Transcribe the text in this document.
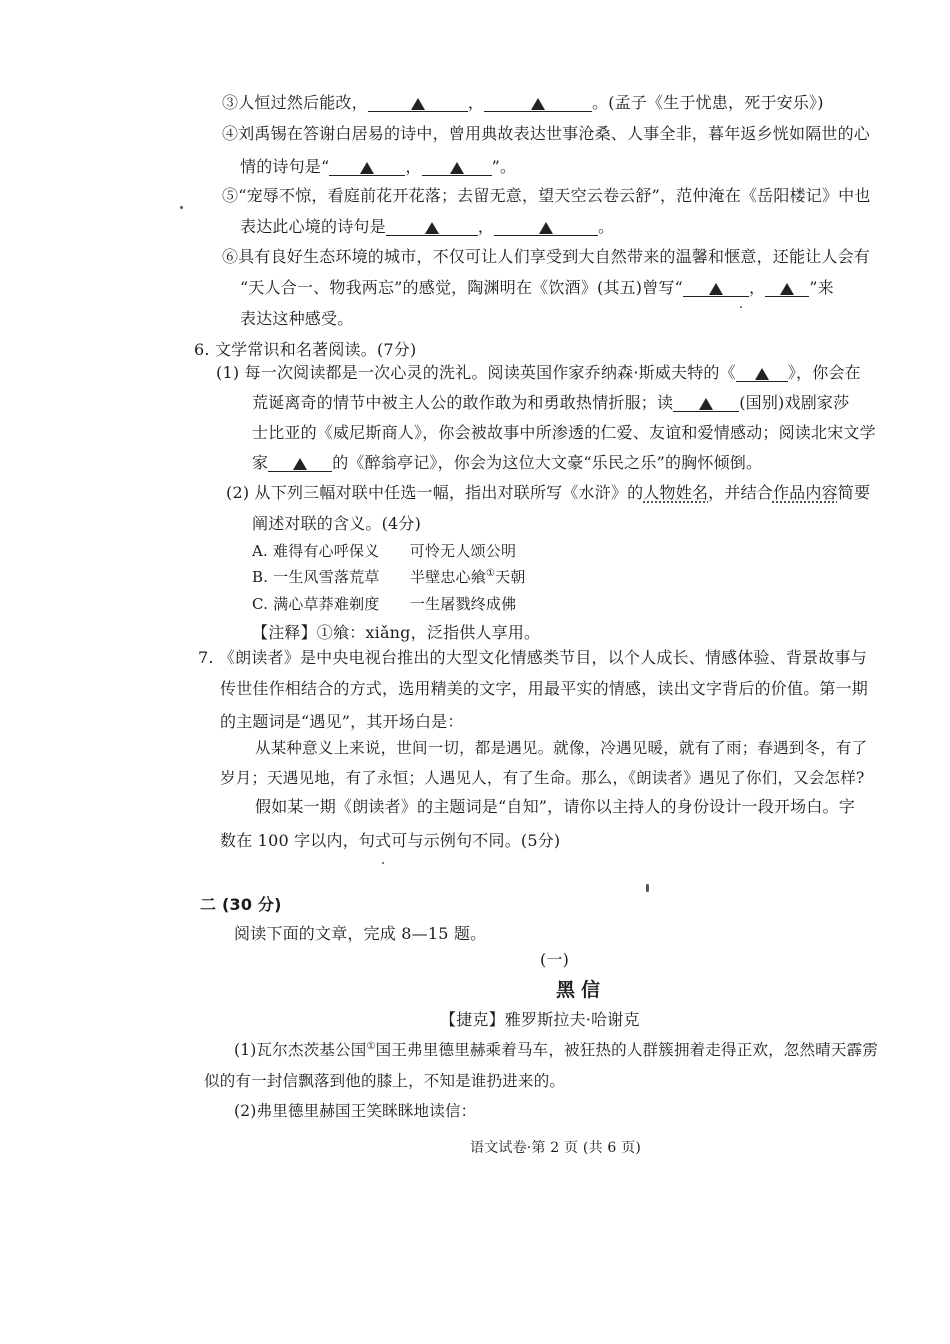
③人恒过然后能改，	，	。(孟子《生于忧患，死于安乐》)
④刘禹锡在答谢白居易的诗中，曾用典故表达世事沧桑、人事全非，暮年返乡恍如隔世的心
情的诗句是“	，	”。
⑤“宠辱不惊，看庭前花开花落；去留无意，望天空云卷云舒”，范仲淹在《岳阳楼记》中也
表达此心境的诗句是	，	。
⑥具有良好生态环境的城市，不仅可让人们享受到大自然带来的温馨和惬意，还能让人会有
“天人合一、物我两忘”的感觉，陶渊明在《饮酒》(其五)曾写“	，	”来
表达这种感受。
6. 文学常识和名著阅读。(7分)
(1) 每一次阅读都是一次心灵的洗礼。阅读英国作家乔纳森·斯威夫特的《	》，你会在
荒诞离奇的情节中被主人公的敢作敢为和勇敢热情折服；读	(国别)戏剧家莎
士比亚的《威尼斯商人》，你会被故事中所渗透的仁爱、友谊和爱情感动；阅读北宋文学
家	的《醉翁亭记》，你会为这位大文豪“乐民之乐”的胸怀倾倒。
(2) 从下列三幅对联中任选一幅，指出对联所写《水浒》的人物姓名，并结合作品内容简要
阐述对联的含义。(4分)
A. 难得有心呼保义　　可怜无人颂公明
B. 一生风雪落荒草　　半壁忠心飨①天朝
C. 满心草莽难剃度　　一生屠戮终成佛
【注释】①飨：xiǎng，泛指供人享用。
7. 《朗读者》是中央电视台推出的大型文化情感类节目，以个人成长、情感体验、背景故事与
传世佳作相结合的方式，选用精美的文字，用最平实的情感，读出文字背后的价值。第一期
的主题词是“遇见”，其开场白是：
从某种意义上来说，世间一切，都是遇见。就像，冷遇见暖，就有了雨；春遇到冬，有了
岁月；天遇见地，有了永恒；人遇见人，有了生命。那么，《朗读者》遇见了你们，又会怎样?
假如某一期《朗读者》的主题词是“自知”，请你以主持人的身份设计一段开场白。字
数在 100 字以内，句式可与示例句不同。(5分)
二 (30 分)
阅读下面的文章，完成 8—15 题。
(一)
黑信
【捷克】雅罗斯拉夫·哈谢克
(1)瓦尔杰茨基公国①国王弗里德里赫乘着马车，被狂热的人群簇拥着走得正欢，忽然晴天霹雳
似的有一封信飘落到他的膝上，不知是谁扔进来的。
(2)弗里德里赫国王笑眯眯地读信：
语文试卷·第 2 页 (共 6 页)
